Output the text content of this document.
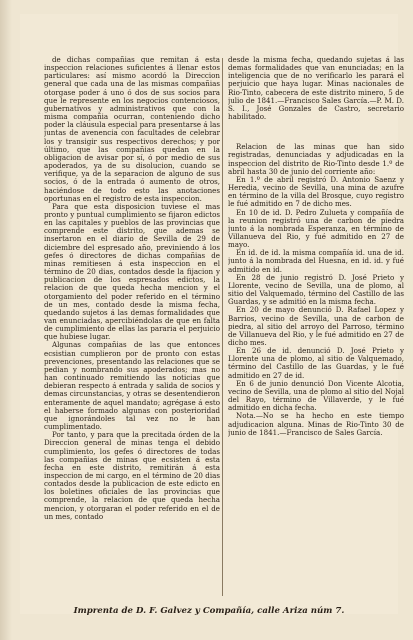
de dichas compañias que remitan á esta inspeccion relaciones suficientes á llenar estos particulares: así mismo acordó la Direccion general que cada una de las mismas compañias otorgase poder á uno ó dos de sus socios para que le represente en los negocios contenciosos, gubernativos y administrativos que con la misma compañia ocurran, conteniendo dicho poder la cláusula especial para presentarse á las juntas de avenencia con facultades de celebrar los y transigir sus respectivos derechos; y por último, que las compañias quedan en la obligacion de avisar por sí, ó por medio de sus apoderados, ya de su disolucion, cuando se verifique, ya de la separacion de alguno de sus socios, ó de la entrada ó aumento de otros, haciéndose de todo esto las anotaciones oportunas en el registro de esta inspeccion.

Para que esta disposicion tuviese el mas pronto y puntual cumplimiento se fijaron edictos en las capitales y pueblos de las provincias que comprende este distrito, que ademas se insertaron en el diario de Sevilla de 29 de diciembre del espresado año, previniendo á los gefes ó directores de dichas compañias de minas remitiesen á esta inspeccion en el término de 20 dias, contados desde la fijacion y publicacion de los espresados edictos, la relacion de que queda hecha mencion y el otorgamiento del poder referido en el término de un mes, contado desde la misma fecha, quedando sujetos á las demas formalidades que van enunciadas, apercibiéndolas de que en falta de cumplimiento de ellas las pararia el perjuicio que hubiese lugar.

Algunas compañias de las que entonces ecsistian cumplieron por de pronto con estas prevenciones, presentando las relaciones que se pedian y nombrando sus apoderados; mas no han continuado remitiendo las noticias que debieran respecto á entrada y salida de socios y demas circunstancias, y otras se desentendieron enteramente de aquel mandato; agrégase á esto el haberse formado algunas con posterioridad que ignorándoles tal vez no le han cumplimentado.

Por tanto, y para que la precitada órden de la Direccion general de minas tenga el debido cumplimiento, los gefes ó directores de todas las compañias de minas que ecsisten á esta fecha en este distrito, remitirán á esta inspeccion de mi cargo, en el término de 20 dias contados desde la publicacion de este edicto en los boletines oficiales de las provincias que comprende, la relacion de que queda hecha mencion, y otorgaran el poder referido en el de un mes, contado

desde la misma fecha, quedando sujetas á las demas formalidades que van enunciadas; en la inteligencia que de no verificarlo les parará el perjuicio que haya lugar. Minas nacionales de Rio-Tinto, cabecera de este distrito minero, 5 de julio de 1841.—Francisco Sales García.—P. M. D. S. I., José Gonzales de Castro, secretario habilitado.

Relacion de las minas que han sido registradas, denunciadas y adjudicadas en la inspeccion del distrito de Rio-Tinto desde 1.º de abril hasta 30 de junio del corriente año:

En 1.º de abril registró D. Antonio Saenz y Heredia, vecino de Sevilla, una mina de azufre en término de la villa del Brosque, cuyo registro le fué admitido en 7 de dicho mes.

En 10 de id. D. Pedro Zulueta y compañía de la reunion registró una de carbon de piedra junto á la nombrada Esperanza, en término de Villanueva del Rio, y fué admitido en 27 de mayo.

En id. de id. la misma compañía id. una de id. junto á la nombrada del Huesna, en id. id. y fué admitido en id.

En 28 de junio registró D. José Prieto y Llorente, vecino de Sevilla, una de plomo, al sitio del Valquemado, término del Castillo de las Guardas, y se admitió en la misma fecha.

En 20 de mayo denunció D. Rafael Lopez y Barrios, vecino de Sevilla, una de carbon de piedra, al sitio del arroyo del Parroso, término de Villanueva del Rio, y le fué admitido en 27 de dicho mes.

En 26 de id. denunció D. José Prieto y Llorente una de plomo, al sitio de Valquemado, término del Castillo de las Guardas, y le fué admitido en 27 de id.

En 6 de junio denunció Don Vicente Alcotia, vecino de Sevilla, una de plomo al sitio del Nojal del Rayo, término de Villaverde, y le fué admitido en dicha fecha.

Nota.—No se ha hecho en este tiempo adjudicacion alguna. Minas de Rio-Tinto 30 de junio de 1841.—Francisco de Sales García.

Imprenta de D. F. Galvez y Compañía, calle Ariza núm 7.
